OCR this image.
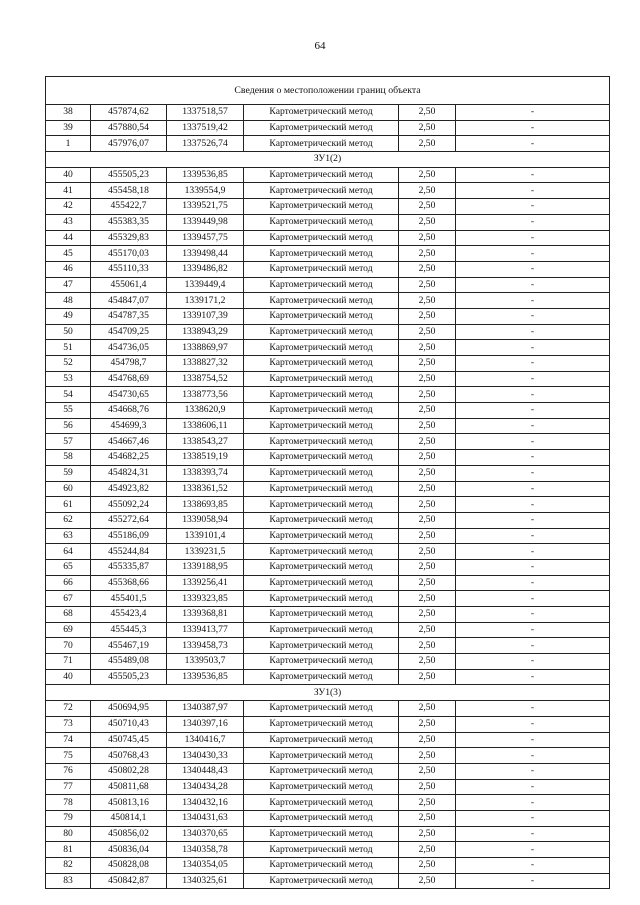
64
Сведения о местоположении границ объекта					
38	457874,62	1337518,57	Картометрический метод	2,50	-
39	457880,54	1337519,42	Картометрический метод	2,50	-
1	457976,07	1337526,74	Картометрический метод	2,50	-
ЗУ1(2)					
40	455505,23	1339536,85	Картометрический метод	2,50	-
41	455458,18	1339554,9	Картометрический метод	2,50	-
42	455422,7	1339521,75	Картометрический метод	2,50	-
43	455383,35	1339449,98	Картометрический метод	2,50	-
44	455329,83	1339457,75	Картометрический метод	2,50	-
45	455170,03	1339498,44	Картометрический метод	2,50	-
46	455110,33	1339486,82	Картометрический метод	2,50	-
47	455061,4	1339449,4	Картометрический метод	2,50	-
48	454847,07	1339171,2	Картометрический метод	2,50	-
49	454787,35	1339107,39	Картометрический метод	2,50	-
50	454709,25	1338943,29	Картометрический метод	2,50	-
51	454736,05	1338869,97	Картометрический метод	2,50	-
52	454798,7	1338827,32	Картометрический метод	2,50	-
53	454768,69	1338754,52	Картометрический метод	2,50	-
54	454730,65	1338773,56	Картометрический метод	2,50	-
55	454668,76	1338620,9	Картометрический метод	2,50	-
56	454699,3	1338606,11	Картометрический метод	2,50	-
57	454667,46	1338543,27	Картометрический метод	2,50	-
58	454682,25	1338519,19	Картометрический метод	2,50	-
59	454824,31	1338393,74	Картометрический метод	2,50	-
60	454923,82	1338361,52	Картометрический метод	2,50	-
61	455092,24	1338693,85	Картометрический метод	2,50	-
62	455272,64	1339058,94	Картометрический метод	2,50	-
63	455186,09	1339101,4	Картометрический метод	2,50	-
64	455244,84	1339231,5	Картометрический метод	2,50	-
65	455335,87	1339188,95	Картометрический метод	2,50	-
66	455368,66	1339256,41	Картометрический метод	2,50	-
67	455401,5	1339323,85	Картометрический метод	2,50	-
68	455423,4	1339368,81	Картометрический метод	2,50	-
69	455445,3	1339413,77	Картометрический метод	2,50	-
70	455467,19	1339458,73	Картометрический метод	2,50	-
71	455489,08	1339503,7	Картометрический метод	2,50	-
40	455505,23	1339536,85	Картометрический метод	2,50	-
ЗУ1(3)					
72	450694,95	1340387,97	Картометрический метод	2,50	-
73	450710,43	1340397,16	Картометрический метод	2,50	-
74	450745,45	1340416,7	Картометрический метод	2,50	-
75	450768,43	1340430,33	Картометрический метод	2,50	-
76	450802,28	1340448,43	Картометрический метод	2,50	-
77	450811,68	1340434,28	Картометрический метод	2,50	-
78	450813,16	1340432,16	Картометрический метод	2,50	-
79	450814,1	1340431,63	Картометрический метод	2,50	-
80	450856,02	1340370,65	Картометрический метод	2,50	-
81	450836,04	1340358,78	Картометрический метод	2,50	-
82	450828,08	1340354,05	Картометрический метод	2,50	-
83	450842,87	1340325,61	Картометрический метод	2,50	-
